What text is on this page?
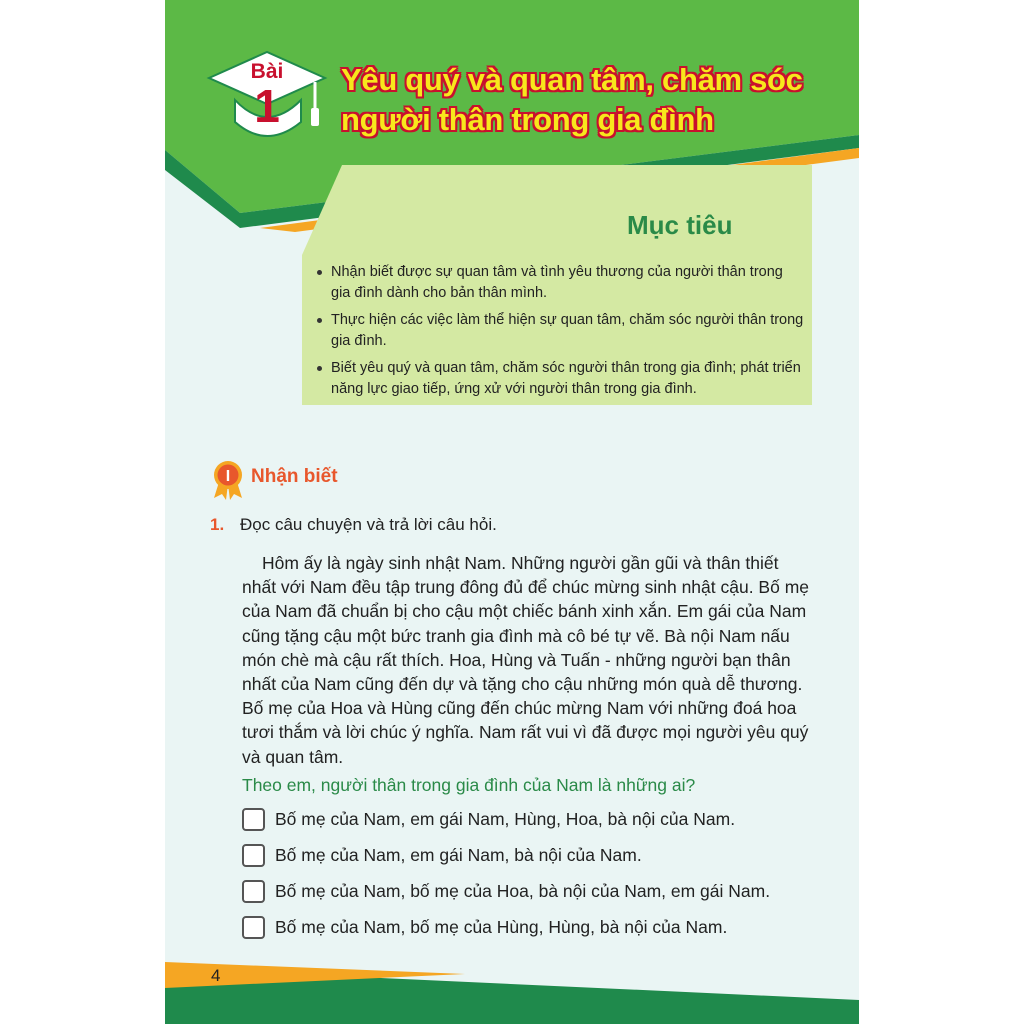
Bài
1
Yêu quý và quan tâm, chăm sóc
người thân trong gia đình
Mục tiêu
Nhận biết được sự quan tâm và tình yêu thương của người thân trong gia đình dành cho bản thân mình.
Thực hiện các việc làm thể hiện sự quan tâm, chăm sóc người thân trong gia đình.
Biết yêu quý và quan tâm, chăm sóc người thân trong gia đình; phát triển năng lực giao tiếp, ứng xử với người thân trong gia đình.
I Nhận biết
1. Đọc câu chuyện và trả lời câu hỏi.

Hôm ấy là ngày sinh nhật Nam. Những người gần gũi và thân thiết nhất với Nam đều tập trung đông đủ để chúc mừng sinh nhật cậu. Bố mẹ của Nam đã chuẩn bị cho cậu một chiếc bánh xinh xắn. Em gái của Nam cũng tặng cậu một bức tranh gia đình mà cô bé tự vẽ. Bà nội Nam nấu món chè mà cậu rất thích. Hoa, Hùng và Tuấn - những người bạn thân nhất của Nam cũng đến dự và tặng cho cậu những món quà dễ thương. Bố mẹ của Hoa và Hùng cũng đến chúc mừng Nam với những đoá hoa tươi thắm và lời chúc ý nghĩa. Nam rất vui vì đã được mọi người yêu quý và quan tâm.

Theo em, người thân trong gia đình của Nam là những ai?

Bố mẹ của Nam, em gái Nam, Hùng, Hoa, bà nội của Nam.
Bố mẹ của Nam, em gái Nam, bà nội của Nam.
Bố mẹ của Nam, bố mẹ của Hoa, bà nội của Nam, em gái Nam.
Bố mẹ của Nam, bố mẹ của Hùng, Hùng, bà nội của Nam.
4
